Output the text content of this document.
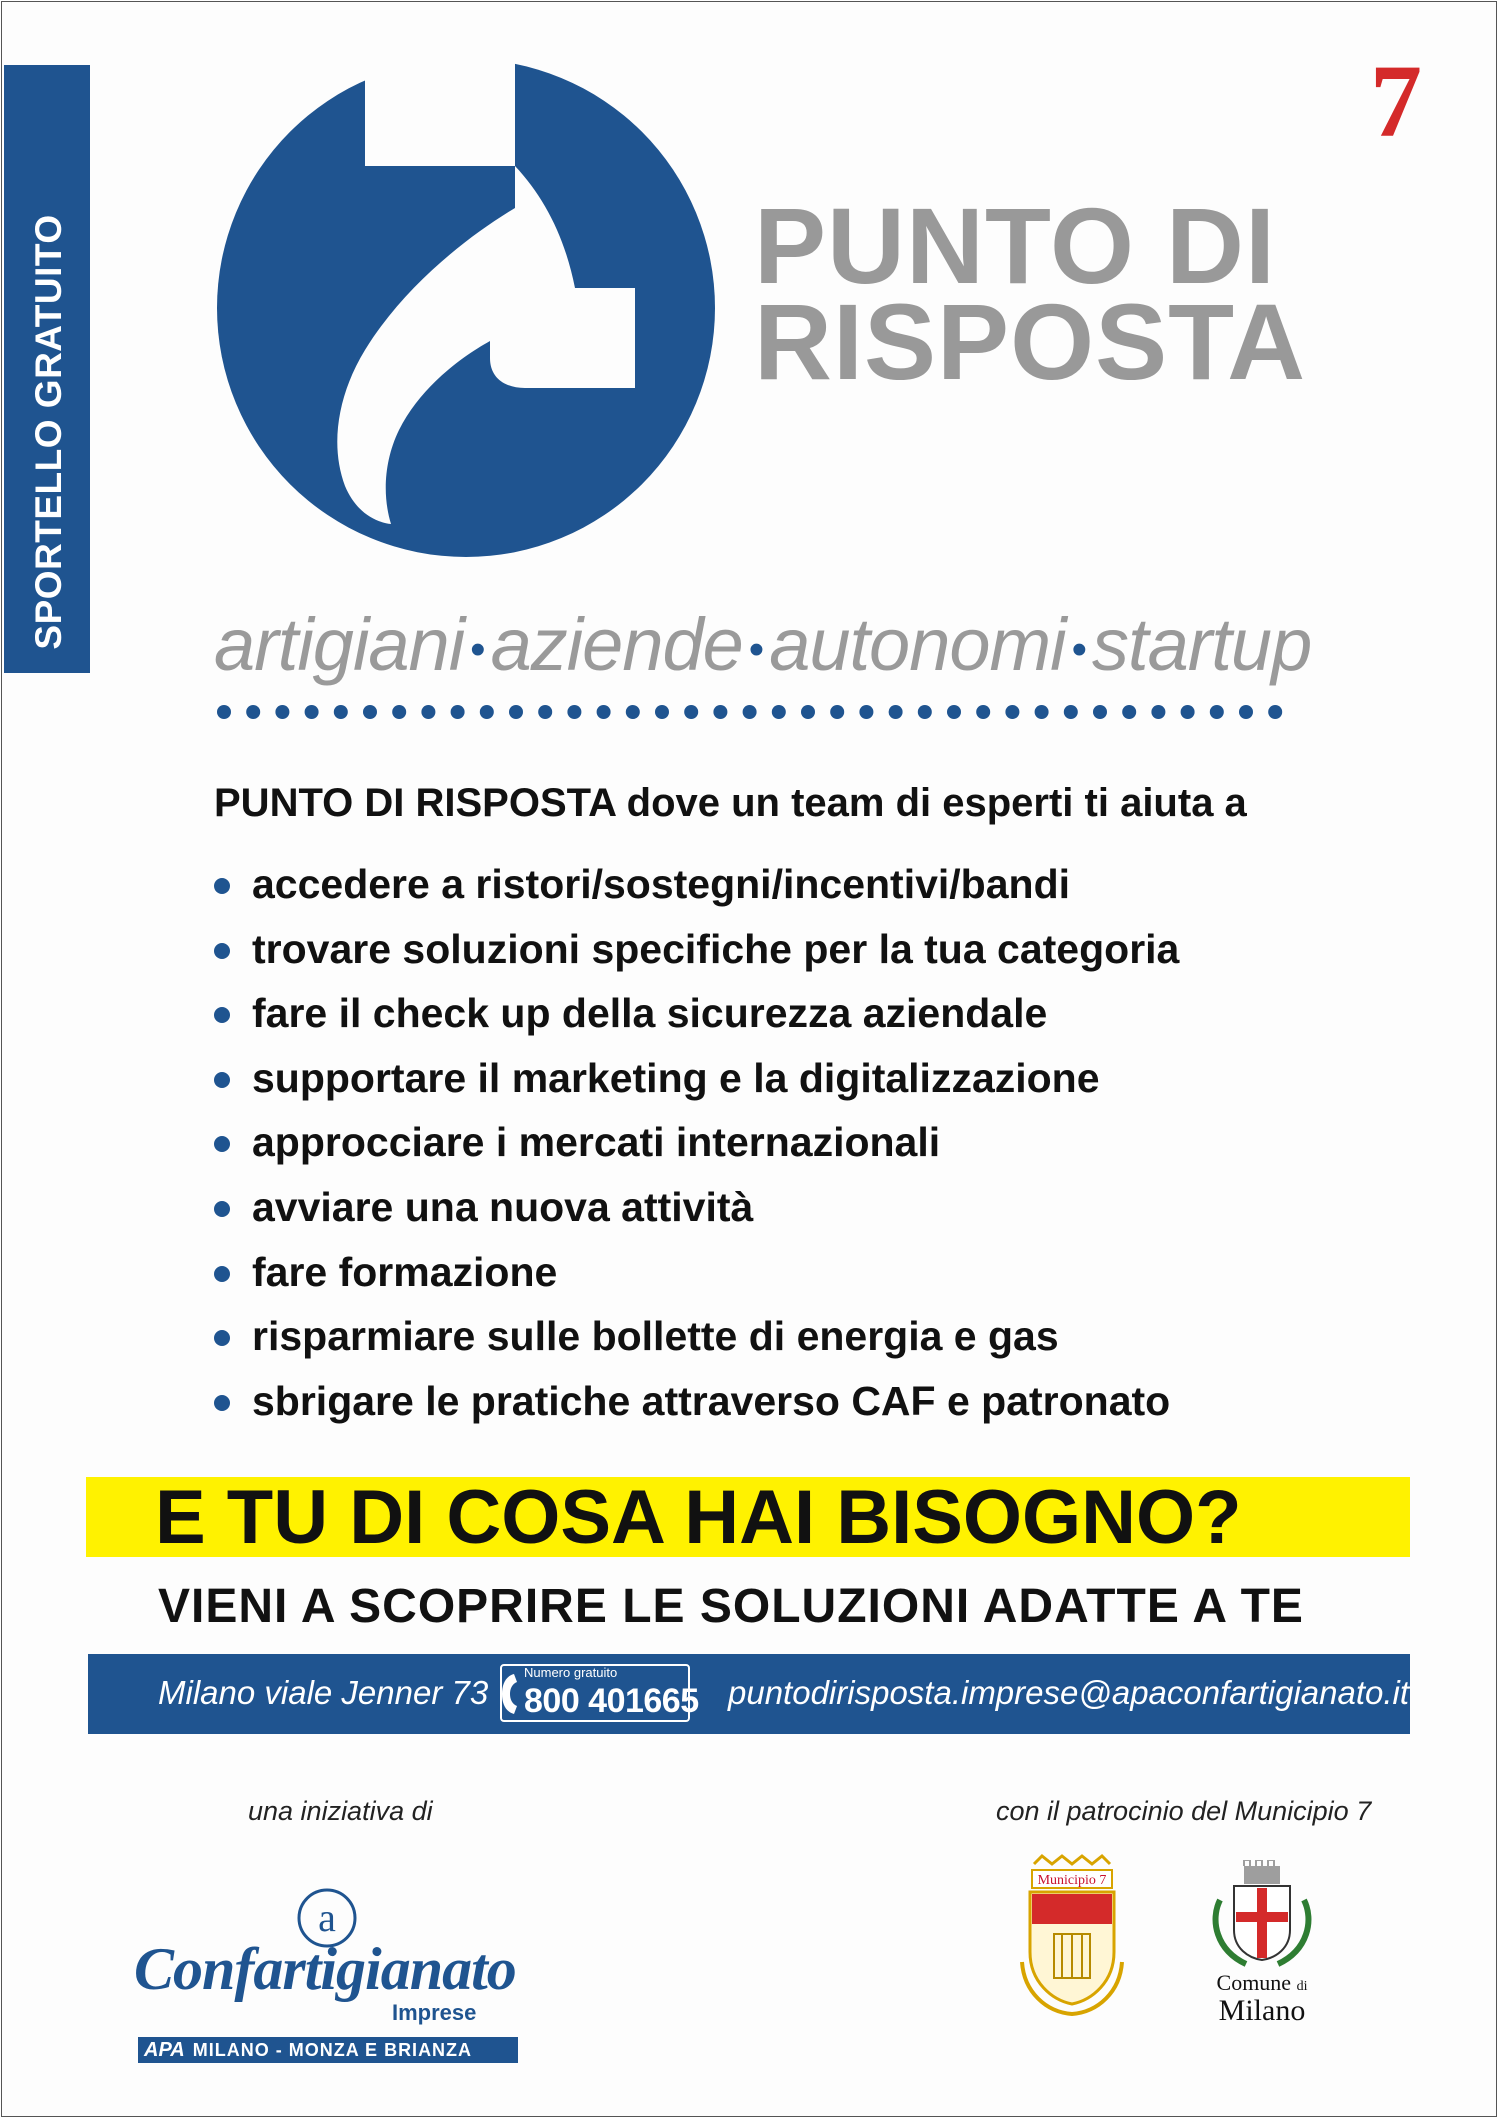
SPORTELLO GRATUITO
7
PUNTO DI
RISPOSTA
artigiani •aziende •autonomi •startup
PUNTO DI RISPOSTA dove un team di esperti ti aiuta a
accedere a ristori/sostegni/incentivi/bandi
trovare soluzioni specifiche per la tua categoria
fare il check up della sicurezza aziendale
supportare il marketing e la digitalizzazione
approcciare i mercati internazionali
avviare una nuova attività
fare formazione
risparmiare sulle bollette di energia e gas
sbrigare le pratiche attraverso CAF e patronato
E TU DI COSA HAI BISOGNO?
VIENI A SCOPRIRE LE SOLUZIONI ADATTE A TE
Milano viale Jenner 73
Numero gratuito
800 401665 puntodirisposta.imprese@apaconfartigianato.it
una iniziativa di	con il patrocinio del Municipio 7
a
Confartigianato
Imprese
APA MILANO - MONZA E BRIANZA
Municipio 7
Comune di
Milano
